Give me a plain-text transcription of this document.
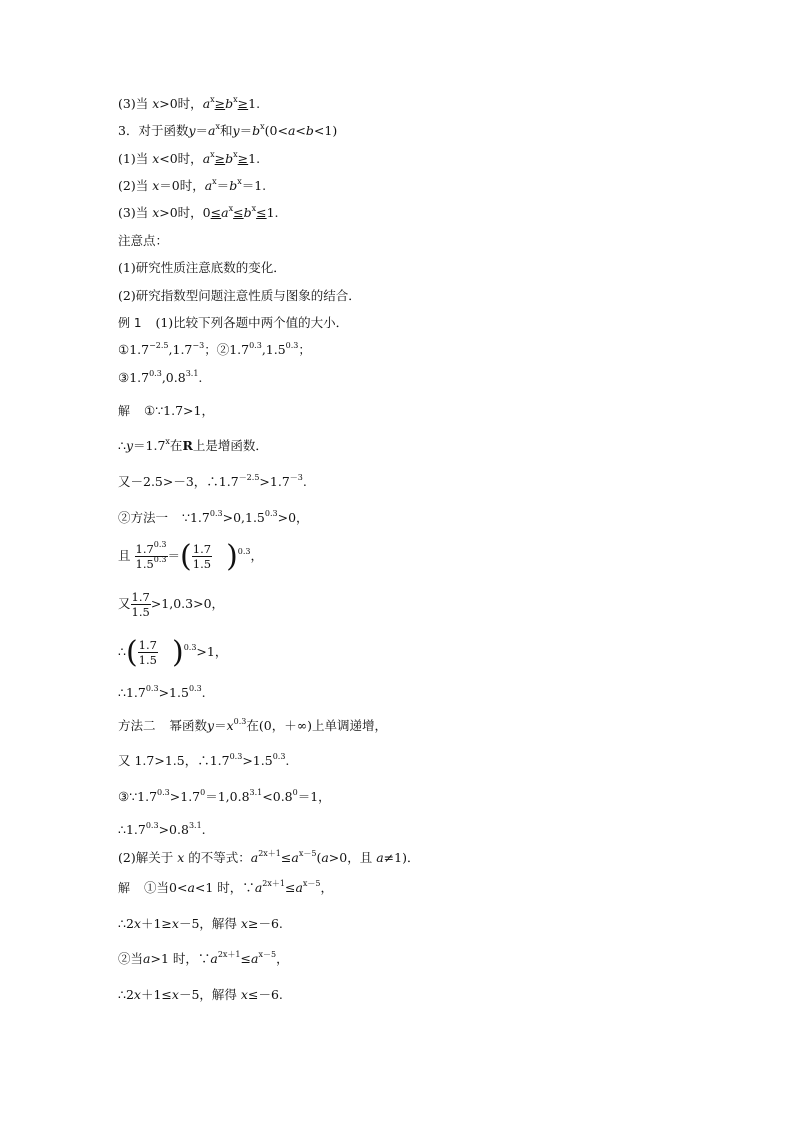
(3)当 x>0时，$a^x\ge b^x\ge 1$.
3．对于函数$y=a^x$和$y=b^x(0<a<b<1)$
(1)当 x<0时，$a^x\ge b^x\ge 1$.
(2)当 x＝0时，$a^x=b^x=1$.
(3)当 x>0时，$0\le a^x\le b^x\le 1$.
注意点：
(1)研究性质注意底数的变化．
(2)研究指数型问题注意性质与图象的结合．
例 1 (1)比较下列各题中两个值的大小．
$①1.7^{-2.5},1.7^{-3}$；$②1.7^{0.3},1.5^{0.3}$；
$③1.7^{0.3},0.8^{3.1}$.
解 ①∵1.7>1，
$\therefore y=1.7^x$在R上是增函数．
又－2.5>－3，$\therefore 1.7^{-2.5}>1.7^{-3}$.
②方法一 $\because 1.7^{0.3}>0,1.5^{0.3}>0$，
且 $\frac{1.7^{0.3}}{1.5^{0.3}}$ ＝( $\frac{1.7}{1.5} )^{0.3}$，
又 $\frac{1.7}{1.5} >1,0.3>0$，
∴( $\frac{1.7}{1.5} )^{0.3}>1$，
$\therefore 1.7^{0.3}>1.5^{0.3}$.
方法二 幂函数$y=x^{0.3}$在(0，＋∞)上单调递增，
又 1.7>1.5，$\therefore 1.7^{0.3}>1.5^{0.3}$.
$③\because 1.7^{0.3}>1.7^0=1,0.8^{3.1}<0.8^0=1$，
$\therefore 1.7^{0.3}>0.8^{3.1}$.
(2)解关于 x 的不等式：$a^{2x+1}\le a^{x-5}(a>0$，且 a≠1)．
解 ①当0<a<1 时，$\because a^{2x+1}\le a^{x-5}$，
∴2x＋1≥x－5，解得 x≥－6.
②当a>1 时，$\because a^{2x+1}\le a^{x-5}$，
∴2x＋1≤x－5，解得 x≤－6.
